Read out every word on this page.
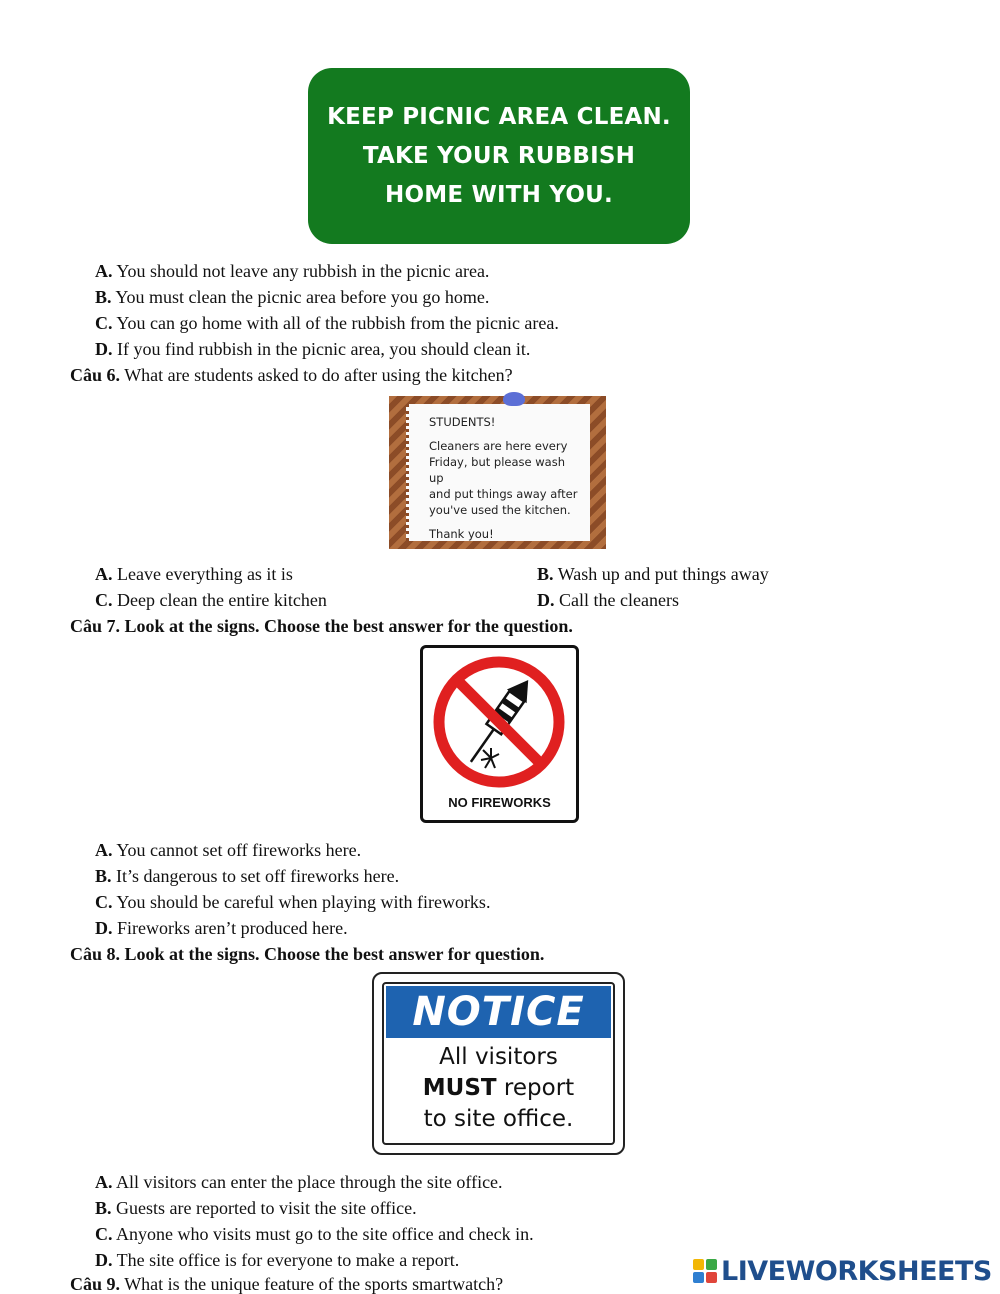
KEEP PICNIC AREA CLEAN.
TAKE YOUR RUBBISH
HOME WITH YOU.
A. You should not leave any rubbish in the picnic area.
B. You must clean the picnic area before you go home.
C. You can go home with all of the rubbish from the picnic area.
D. If you find rubbish in the picnic area, you should clean it.
Câu 6. What are students asked to do after using the kitchen?
STUDENTS!
Cleaners are here every
Friday, but please wash up
and put things away after
you've used the kitchen.
Thank you!
A. Leave everything as it is	B. Wash up and put things away
C. Deep clean the entire kitchen	D. Call the cleaners
Câu 7. Look at the signs. Choose the best answer for the question.
NO FIREWORKS
A. You cannot set off fireworks here.
B. It’s dangerous to set off fireworks here.
C. You should be careful when playing with fireworks.
D. Fireworks aren’t produced here.
Câu 8. Look at the signs. Choose the best answer for question.
NOTICE
All visitors
MUST report
to site office.
A. All visitors can enter the place through the site office.
B. Guests are reported to visit the site office.
C. Anyone who visits must go to the site office and check in.
D. The site office is for everyone to make a report.
Câu 9. What is the unique feature of the sports smartwatch?	LIVEWORKSHEETS
